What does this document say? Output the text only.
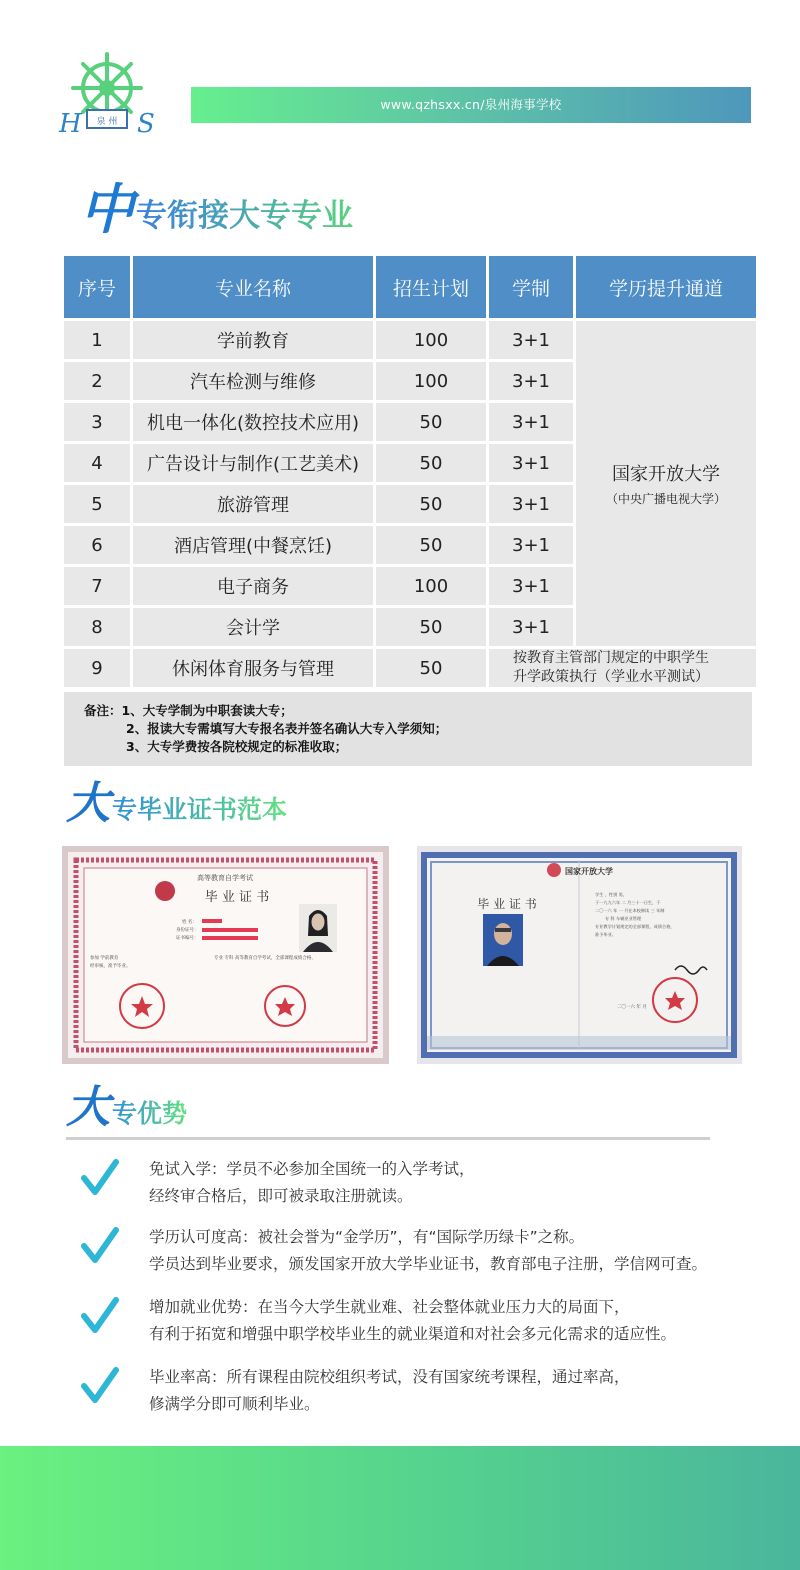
泉 州
H S
www.qzhsxx.cn/泉州海事学校
中 专衔接大专专业
序号	专业名称	招生计划	学制	学历提升通道
1	学前教育	100	3+1	国家开放大学
（中央广播电视大学）

2	汽车检测与维修	100	3+1	
3	机电一体化(数控技术应用)	50	3+1	
4	广告设计与制作(工艺美术)	50	3+1	
5	旅游管理	50	3+1	
6	酒店管理(中餐烹饪)	50	3+1	
7	电子商务	100	3+1	
8	会计学	50	3+1	
9	休闲体育服务与管理	50	按教育主管部门规定的中职学生
升学政策执行（学业水平测试）	
备注：1、大专学制为中职套读大专；
2、报读大专需填写大专报名表并签名确认大专入学须知；
3、大专学费按各院校规定的标准收取；
大 专毕业证书范本
高等教育自学考试
毕 业 证 书
姓 名：
身份证号：
证书编号：
参加 学前教育	专业 专科 高等教育自学考试，全部课程成绩合格，
经审核，准予毕业。
国家开放大学
毕 业 证 书
学生 ，性别 男，
于一九九六年 二 月三十一日生，于
二〇一六 年 一 月在本校修读 三 年制
专 科 车辆业业管理
专业教学计划规定的全部课程，成绩合格，
准予毕业。
二〇一六 年 月
大 专优势
免试入学：学员不必参加全国统一的入学考试，
经终审合格后，即可被录取注册就读。
学历认可度高：被社会誉为“金学历”，有“国际学历绿卡”之称。
学员达到毕业要求，颁发国家开放大学毕业证书，教育部电子注册，学信网可查。
增加就业优势：在当今大学生就业难、社会整体就业压力大的局面下，
有利于拓宽和增强中职学校毕业生的就业渠道和对社会多元化需求的适应性。
毕业率高：所有课程由院校组织考试，没有国家统考课程，通过率高，
修满学分即可顺利毕业。
